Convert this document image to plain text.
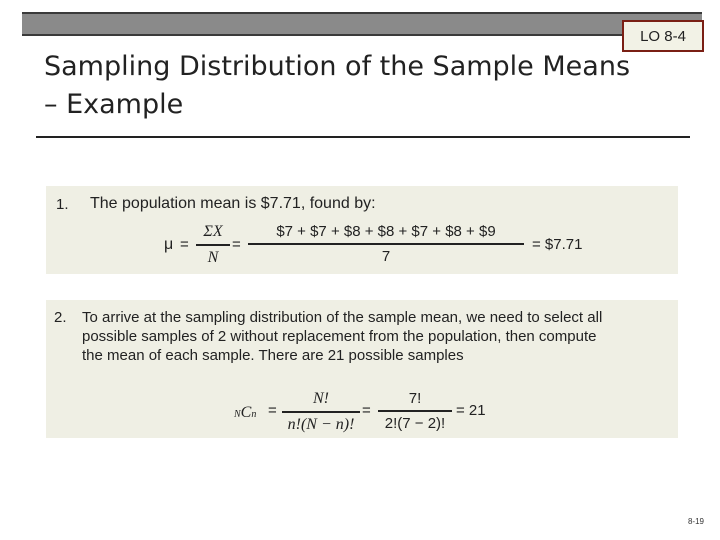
LO 8-4
Sampling Distribution of the Sample Means
– Example
1. The population mean is $7.71, found by:
μ =
ΣX
N
=
$7 + $7 + $8 + $8 + $7 + $8 + $9
7
= $7.71
2. To arrive at the sampling distribution of the sample mean, we need to select all
possible samples of 2 without replacement from the population, then compute
the mean of each sample. There are 21 possible samples
NCn =
N!
n!(N − n)!
=
7!
2!(7 − 2)!
= 21
8-19
